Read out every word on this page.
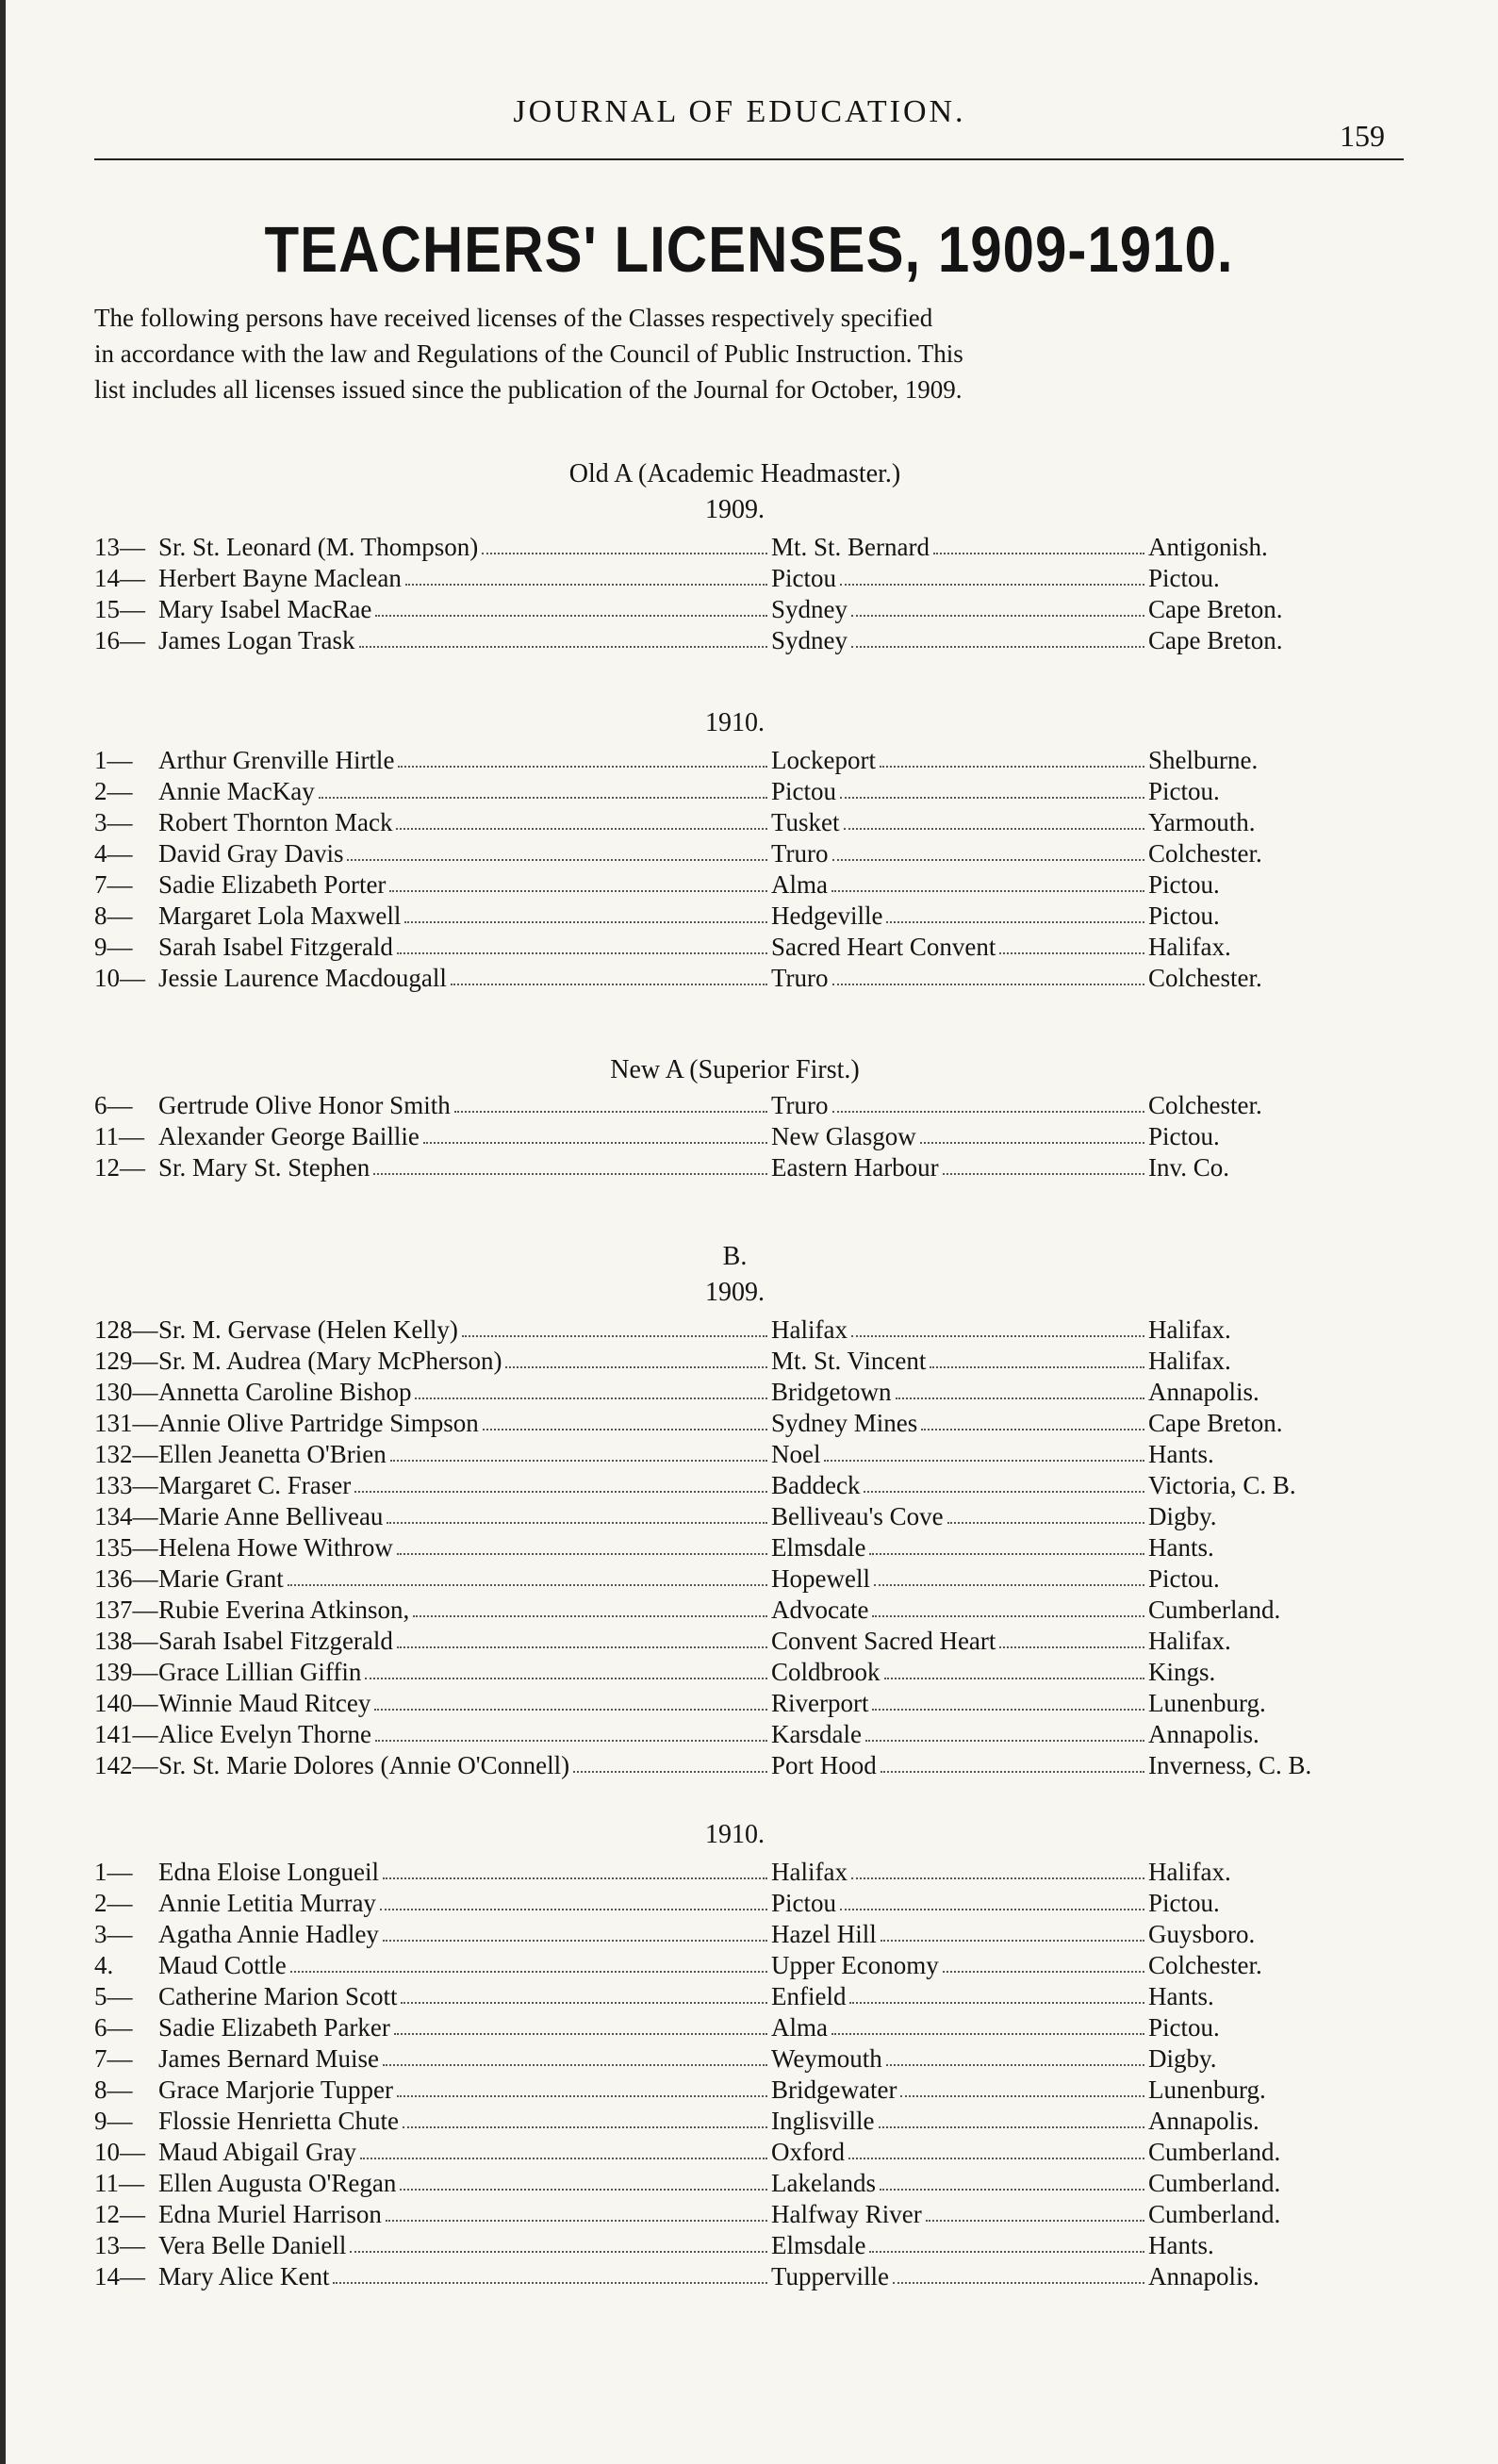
JOURNAL OF EDUCATION.
159
TEACHERS' LICENSES, 1909-1910.
The following persons have received licenses of the Classes respectively specified
in accordance with the law and Regulations of the Council of Public Instruction. This
list includes all licenses issued since the publication of the Journal for October, 1909.
Old A (Academic Headmaster.)
1909.
13— Sr. St. Leonard (M. Thompson)	Mt. St. Bernard	Antigonish.
14— Herbert Bayne Maclean	Pictou	Pictou.
15— Mary Isabel MacRae	Sydney	Cape Breton.
16— James Logan Trask	Sydney	Cape Breton.
1910.
1—	Arthur Grenville Hirtle	Lockeport	Shelburne.
2—	Annie MacKay	Pictou	Pictou.
3—	Robert Thornton Mack	Tusket	Yarmouth.
4—	David Gray Davis	Truro	Colchester.
7—	Sadie Elizabeth Porter	Alma	Pictou.
8—	Margaret Lola Maxwell	Hedgeville	Pictou.
9—	Sarah Isabel Fitzgerald	Sacred Heart Convent	Halifax.
10— Jessie Laurence Macdougall	Truro	Colchester.
New A (Superior First.)
6—	Gertrude Olive Honor Smith	Truro	Colchester.
11— Alexander George Baillie	New Glasgow	Pictou.
12— Sr. Mary St. Stephen	Eastern Harbour	Inv. Co.
B.
1909.
128— Sr. M. Gervase (Helen Kelly)	Halifax	Halifax.
129— Sr. M. Audrea (Mary McPherson)	Mt. St. Vincent	Halifax.
130— Annetta Caroline Bishop	Bridgetown	Annapolis.
131— Annie Olive Partridge Simpson	Sydney Mines	Cape Breton.
132— Ellen Jeanetta O'Brien	Noel	Hants.
133— Margaret C. Fraser	Baddeck	Victoria, C. B.
134— Marie Anne Belliveau	Belliveau's Cove	Digby.
135— Helena Howe Withrow	Elmsdale	Hants.
136— Marie Grant	Hopewell	Pictou.
137— Rubie Everina Atkinson,	Advocate	Cumberland.
138— Sarah Isabel Fitzgerald	Convent Sacred Heart	Halifax.
139— Grace Lillian Giffin	Coldbrook	Kings.
140— Winnie Maud Ritcey	Riverport	Lunenburg.
141— Alice Evelyn Thorne	Karsdale	Annapolis.
142— Sr. St. Marie Dolores (Annie O'Connell)	Port Hood	Inverness, C. B.
1910.
1—	Edna Eloise Longueil	Halifax	Halifax.
2—	Annie Letitia Murray	Pictou	Pictou.
3—	Agatha Annie Hadley	Hazel Hill	Guysboro.
4.	Maud Cottle	Upper Economy	Colchester.
5—	Catherine Marion Scott	Enfield	Hants.
6—	Sadie Elizabeth Parker	Alma	Pictou.
7—	James Bernard Muise	Weymouth	Digby.
8—	Grace Marjorie Tupper	Bridgewater	Lunenburg.
9—	Flossie Henrietta Chute	Inglisville	Annapolis.
10— Maud Abigail Gray	Oxford	Cumberland.
11— Ellen Augusta O'Regan	Lakelands	Cumberland.
12— Edna Muriel Harrison	Halfway River	Cumberland.
13— Vera Belle Daniell	Elmsdale	Hants.
14— Mary Alice Kent	Tupperville	Annapolis.
